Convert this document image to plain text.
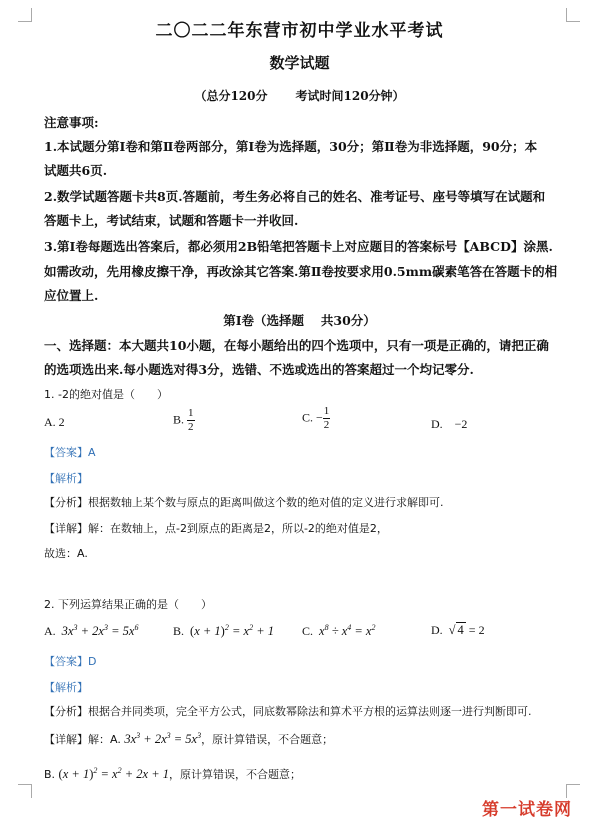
二〇二二年东营市初中学业水平考试
数学试题
（总分120分 考试时间120分钟）
注意事项:
1.本试题分第Ⅰ卷和第Ⅱ卷两部分，第Ⅰ卷为选择题，30分；第Ⅱ卷为非选择题，90分；本
试题共6页.
2.数学试题答题卡共8页.答题前，考生务必将自己的姓名、准考证号、座号等填写在试题和
答题卡上，考试结束，试题和答题卡一并收回.
3.第Ⅰ卷每题选出答案后，都必须用2B铅笔把答题卡上对应题目的答案标号【ABCD】涂黑.
如需改动，先用橡皮擦干净，再改涂其它答案.第Ⅱ卷按要求用0.5mm碳素笔答在答题卡的相
应位置上.
第Ⅰ卷（选择题　 共30分）
一、选择题：本大题共10小题，在每小题给出的四个选项中，只有一项是正确的，请把正确
的选项选出来.每小题选对得3分，选错、不选或选出的答案超过一个均记零分.
1. -2的绝对值是（　　）
A. 2	B. $\frac{1}{2}$	C. − $\frac{1}{2}$	D.　−2
【答案】A
【解析】
【分析】根据数轴上某个数与原点的距离叫做这个数的绝对值的定义进行求解即可.
【详解】解：在数轴上，点-2到原点的距离是2，所以-2的绝对值是2，
故选：A.
2. 下列运算结果正确的是（　　）
A. $3x^3 + 2x^3 = 5x^6$	B. $(x + 1)^2 = x^2 + 1$ C. $x^8 \div x^4 = x^2$	D. √ 4 = 2
【答案】D
【解析】
【分析】根据合并同类项，完全平方公式，同底数幂除法和算术平方根的运算法则逐一进行判断即可.
【详解】解：A. $3x^3 + 2x^3 = 5x^3$，原计算错误，不合题意；
B. $(x + 1)^2 = x^2 + 2x + 1$，原计算错误，不合题意；
第一试卷网
